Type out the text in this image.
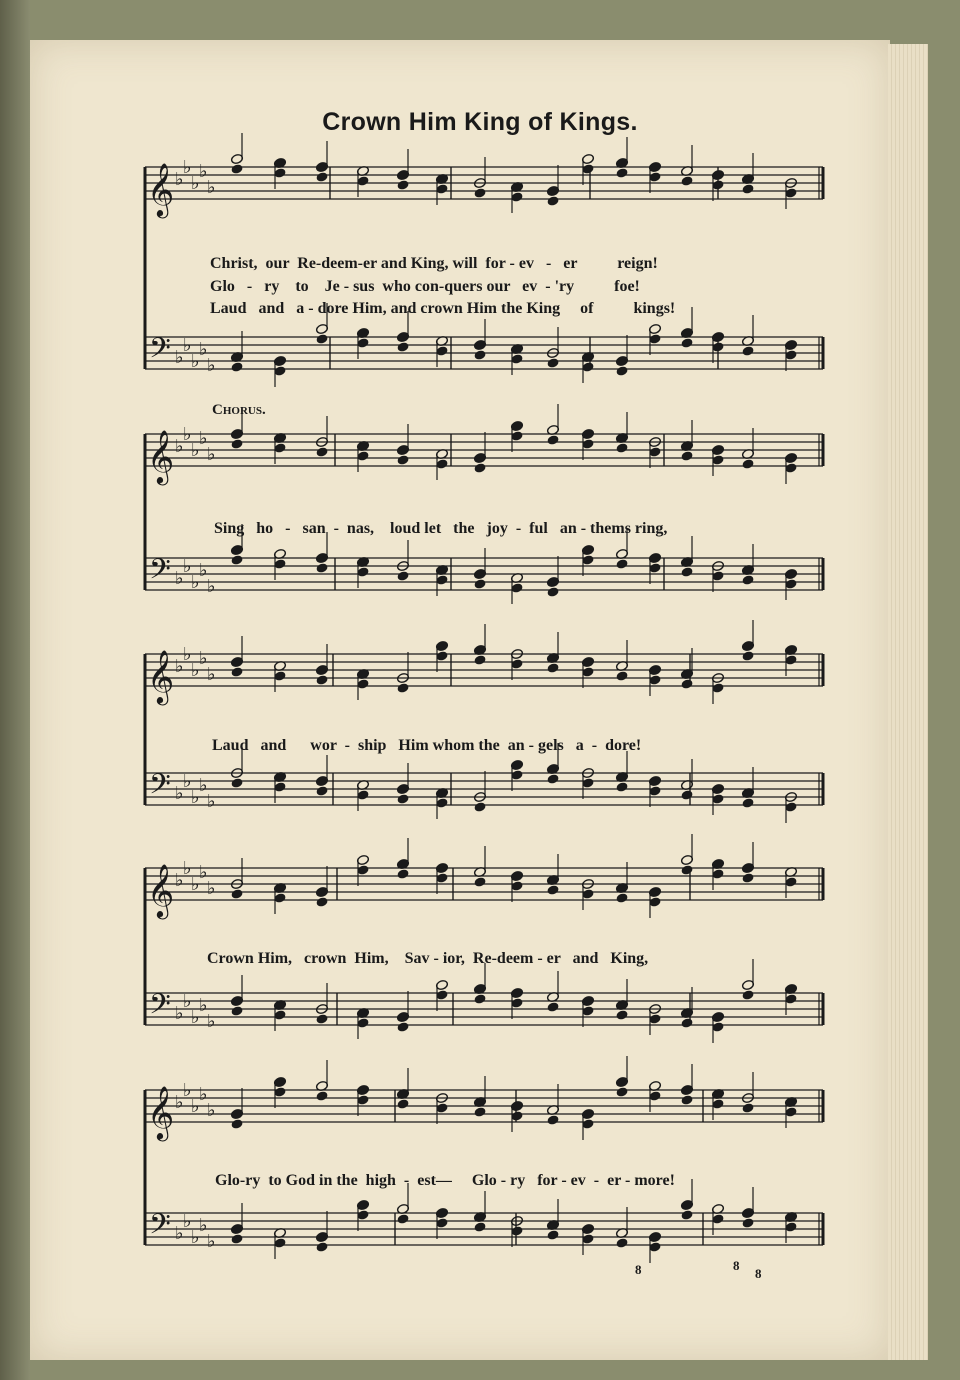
Crown Him King of Kings.
Chorus.
Christ,  our  Re-deem-er and King, will  for - ev   -   er          reign!
Glo   -   ry    to    Je - sus  who con-quers our   ev  - 'ry          foe!
Laud   and   a - dore Him, and crown Him the King     of          kings!
Sing   ho   -   san  -  nas,    loud let   the   joy  -  ful   an - thems ring,
Laud   and      wor  -  ship   Him whom the  an - gels   a  -  dore!
Crown Him,   crown  Him,    Sav - ior,  Re-deem - er   and   King,
Glo-ry  to God in the  high  -  est—     Glo - ry   for - ev  -  er - more!
𝄞 ♭
♭
♭
♭
♭
𝄢 ♭
♭
♭
♭
♭
𝄞 ♭
♭
♭
♭
♭
𝄢 ♭
♭
♭
♭
♭
𝄞 ♭
♭
♭
♭
♭
𝄢 ♭
♭
♭
♭
♭
𝄞 ♭
♭
♭
♭
♭
𝄢 ♭
♭
♭
♭
♭
𝄞 ♭
♭
♭
♭
♭
𝄢 ♭
♭
♭
♭
♭
8	8
8
